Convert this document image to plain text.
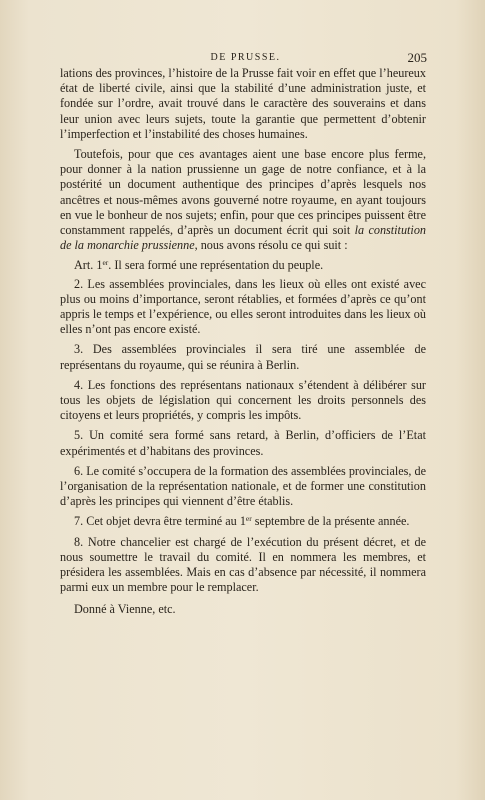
DE PRUSSE.	205

lations des provinces, l’histoire de la Prusse fait voir en effet que l’heureux état de liberté civile, ainsi que la stabilité d’une administration juste, et fondée sur l’ordre, avait trouvé dans le caractère des souverains et dans leur union avec leurs sujets, toute la garantie que permettent d’obtenir l’imperfection et l’instabilité des choses humaines.

Toutefois, pour que ces avantages aient une base encore plus ferme, pour donner à la nation prussienne un gage de notre confiance, et à la postérité un document authentique des principes d’après lesquels nos ancêtres et nous-mêmes avons gouverné notre royaume, en ayant toujours en vue le bonheur de nos sujets; enfin, pour que ces principes puissent être constamment rappelés, d’après un document écrit qui soit la constitution de la monarchie prussienne, nous avons résolu ce qui suit :

Art. 1er. Il sera formé une représentation du peuple.

2. Les assemblées provinciales, dans les lieux où elles ont existé avec plus ou moins d’importance, seront rétablies, et formées d’après ce qu’ont appris le temps et l’expérience, ou elles seront introduites dans les lieux où elles n’ont pas encore existé.

3. Des assemblées provinciales il sera tiré une assemblée de représentans du royaume, qui se réunira à Berlin.

4. Les fonctions des représentans nationaux s’étendent à délibérer sur tous les objets de législation qui concernent les droits personnels des citoyens et leurs propriétés, y compris les impôts.

5. Un comité sera formé sans retard, à Berlin, d’officiers de l’Etat expérimentés et d’habitans des provinces.

6. Le comité s’occupera de la formation des assemblées provinciales, de l’organisation de la représentation nationale, et de former une constitution d’après les principes qui viennent d’être établis.

7. Cet objet devra être terminé au 1er septembre de la présente année.

8. Notre chancelier est chargé de l’exécution du présent décret, et de nous soumettre le travail du comité. Il en nommera les membres, et présidera les assemblées. Mais en cas d’absence par nécessité, il nommera parmi eux un membre pour le remplacer.

Donné à Vienne, etc.
